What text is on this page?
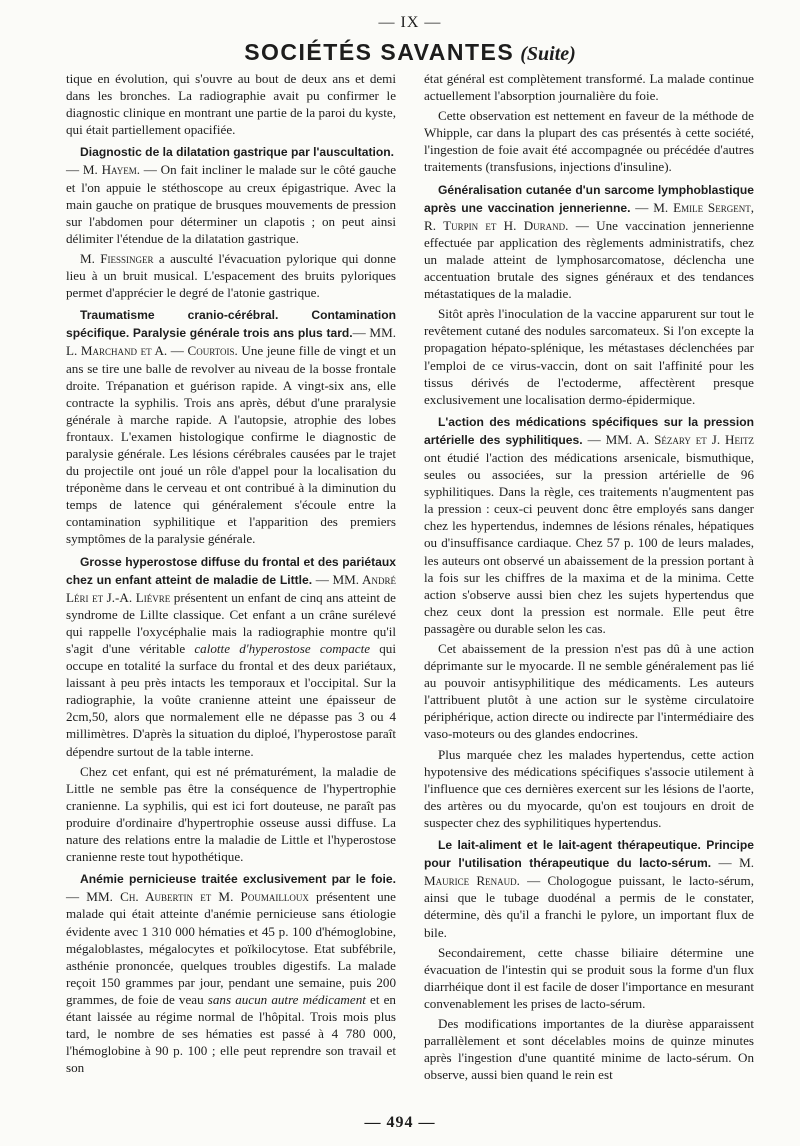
— IX —
SOCIÉTÉS SAVANTES (Suite)

tique en évolution, qui s'ouvre au bout de deux ans et demi dans les bronches. La radiographie avait pu confirmer le diagnostic clinique en montrant une partie de la paroi du kyste, qui était partiellement opacifiée.

Diagnostic de la dilatation gastrique par l'auscultation.
— M. Hayem. — On fait incliner le malade sur le côté gauche et l'on appuie le stéthoscope au creux épigastrique. Avec la main gauche on pratique de brusques mouvements de pression sur l'abdomen pour déterminer un clapotis ; on peut ainsi délimiter l'étendue de la dilatation gastrique.

M. Fiessinger a ausculté l'évacuation pylorique qui donne lieu à un bruit musical. L'espacement des bruits pyloriques permet d'apprécier le degré de l'atonie gastrique.

Traumatisme cranio-cérébral. Contamination spécifique. Paralysie générale trois ans plus tard.— MM. L. Marchand et A. — Courtois. Une jeune fille de vingt et un ans se tire une balle de revolver au niveau de la bosse frontale droite. Trépanation et guérison rapide. A vingt-six ans, elle contracte la syphilis. Trois ans après, début d'une praralysie générale à marche rapide. A l'autopsie, atrophie des lobes frontaux. L'examen histologique confirme le diagnostic de paralysie générale. Les lésions cérébrales causées par le trajet du projectile ont joué un rôle d'appel pour la localisation du tréponème dans le cerveau et ont contribué à la diminution du temps de latence qui généralement s'écoule entre la contamination syphilitique et l'apparition des premiers symptômes de la paralysie générale.

Grosse hyperostose diffuse du frontal et des pariétaux chez un enfant atteint de maladie de Little. — MM. André Léri et J.-A. Liévre présentent un enfant de cinq ans atteint de syndrome de Lillte classique. Cet enfant a un crâne surélevé qui rappelle l'oxycéphalie mais la radiographie montre qu'il s'agit d'une véritable calotte d'hyperostose compacte qui occupe en totalité la surface du frontal et des deux pariétaux, laissant à peu près intacts les temporaux et l'occipital. Sur la radiographie, la voûte cranienne atteint une épaisseur de 2cm,50, alors que normalement elle ne dépasse pas 3 ou 4 millimètres. D'après la situation du diploé, l'hyperostose paraît dépendre surtout de la table interne.

Chez cet enfant, qui est né prématurément, la maladie de Little ne semble pas être la conséquence de l'hypertrophie cranienne. La syphilis, qui est ici fort douteuse, ne paraît pas produire d'ordinaire d'hypertrophie osseuse aussi diffuse. La nature des relations entre la maladie de Little et l'hyperostose cranienne reste tout hypothétique.

Anémie pernicieuse traitée exclusivement par le foie. — MM. Ch. Aubertin et M. Poumailloux présentent une malade qui était atteinte d'anémie pernicieuse sans étiologie évidente avec 1 310 000 hématies et 45 p. 100 d'hémoglobine, mégaloblastes, mégalocytes et poïkilocytose. Etat subfébrile, asthénie prononcée, quelques troubles digestifs. La malade reçoit 150 grammes par jour, pendant une semaine, puis 200 grammes, de foie de veau sans aucun autre médicament et en étant laissée au régime normal de l'hôpital. Trois mois plus tard, le nombre de ses hématies est passé à 4 780 000, l'hémoglobine à 90 p. 100 ; elle peut reprendre son travail et son

état général est complètement transformé. La malade continue actuellement l'absorption journalière du foie.

Cette observation est nettement en faveur de la méthode de Whipple, car dans la plupart des cas présentés à cette société, l'ingestion de foie avait été accompagnée ou précédée d'autres traitements (transfusions, injections d'insuline).

Généralisation cutanée d'un sarcome lymphoblastique après une vaccination jennerienne. — M. Emile Sergent, R. Turpin et H. Durand. — Une vaccination jennerienne effectuée par application des règlements administratifs, chez un malade atteint de lymphosarcomatose, déclencha une accentuation brutale des signes généraux et des tendances métastatiques de la maladie.

Sitôt après l'inoculation de la vaccine apparurent sur tout le revêtement cutané des nodules sarcomateux. Si l'on excepte la propagation hépato-splénique, les métastases déclenchées par l'emploi de ce virus-vaccin, dont on sait l'affinité pour les tissus dérivés de l'ectoderme, affectèrent presque exclusivement une localisation dermo-épidermique.

L'action des médications spécifiques sur la pression artérielle des syphilitiques. — MM. A. Sézary et J. Heitz ont étudié l'action des médications arsenicale, bismuthique, seules ou associées, sur la pression artérielle de 96 syphilitiques. Dans la règle, ces traitements n'augmentent pas la pression : ceux-ci peuvent donc être employés sans danger chez les hypertendus, indemnes de lésions rénales, hépatiques ou d'insuffisance cardiaque. Chez 57 p. 100 de leurs malades, les auteurs ont observé un abaissement de la pression portant à la fois sur les chiffres de la maxima et de la minima. Cette action s'observe aussi bien chez les sujets hypertendus que chez ceux dont la pression est normale. Elle peut être passagère ou durable selon les cas.

Cet abaissement de la pression n'est pas dû à une action déprimante sur le myocarde. Il ne semble généralement pas lié au pouvoir antisyphilitique des médicaments. Les auteurs l'attribuent plutôt à une action sur le système circulatoire périphérique, action directe ou indirecte par l'intermédiaire des vaso-moteurs ou des glandes endocrines.

Plus marquée chez les malades hypertendus, cette action hypotensive des médications spécifiques s'associe utilement à l'influence que ces dernières exercent sur les lésions de l'aorte, des artères ou du myocarde, qu'on est toujours en droit de suspecter chez des syphilitiques hypertendus.

Le lait-aliment et le lait-agent thérapeutique. Principe pour l'utilisation thérapeutique du lacto-sérum. — M. Maurice Renaud. — Chologogue puissant, le lacto-sérum, ainsi que le tubage duodénal a permis de le constater, détermine, dès qu'il a franchi le pylore, un important flux de bile.

Secondairement, cette chasse biliaire détermine une évacuation de l'intestin qui se produit sous la forme d'un flux diarrhéique dont il est facile de doser l'importance en mesurant convenablement les prises de lacto-sérum.

Des modifications importantes de la diurèse apparaissent parrallèlement et sont décelables moins de quinze minutes après l'ingestion d'une quantité minime de lacto-sérum. On observe, aussi bien quand le rein est

— 494 —
